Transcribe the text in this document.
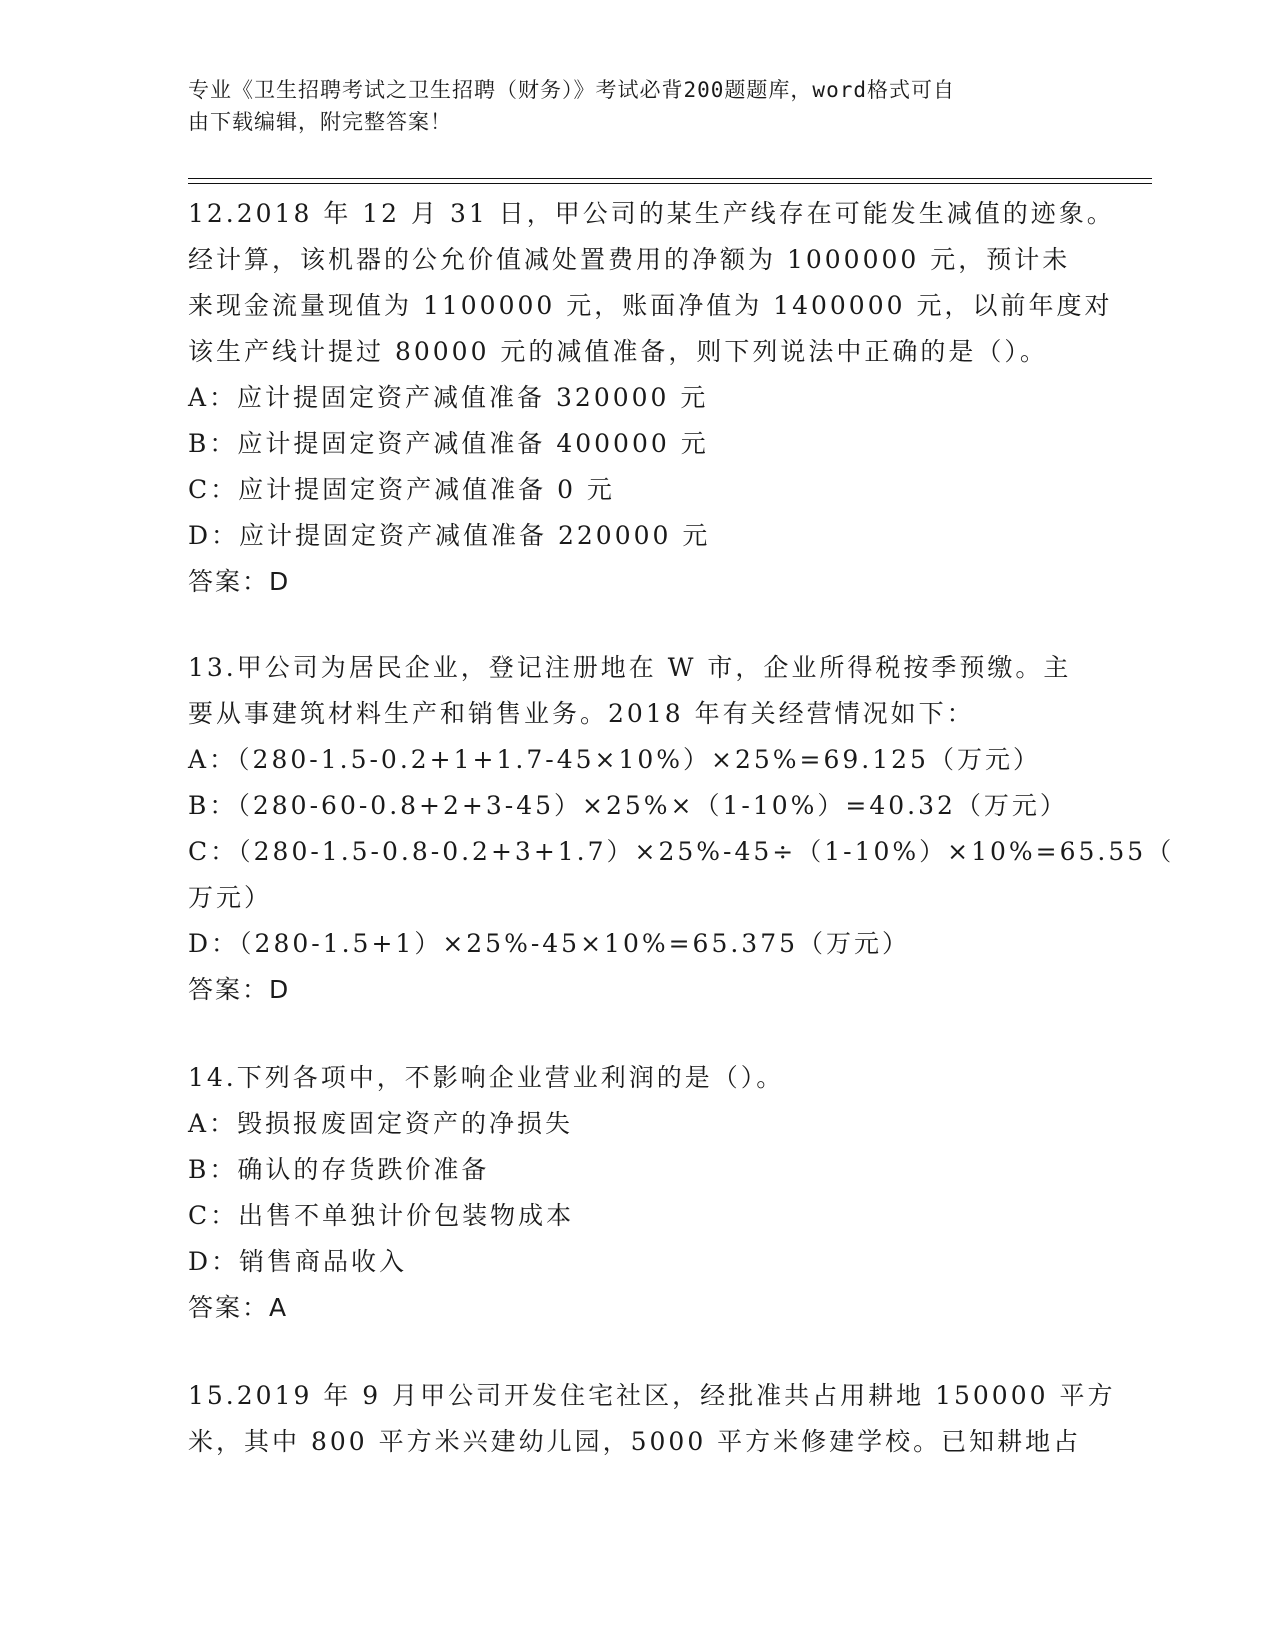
专业《卫生招聘考试之卫生招聘（财务）》考试必背200题题库，word格式可自
由下载编辑，附完整答案！
12.2018 年 12 月 31 日，甲公司的某生产线存在可能发生减值的迹象。
经计算，该机器的公允价值减处置费用的净额为 1000000 元，预计未
来现金流量现值为 1100000 元，账面净值为 1400000 元，以前年度对
该生产线计提过 80000 元的减值准备，则下列说法中正确的是（）。
A：应计提固定资产减值准备 320000 元
B：应计提固定资产减值准备 400000 元
C：应计提固定资产减值准备 0 元
D：应计提固定资产减值准备 220000 元
答案：D
13.甲公司为居民企业，登记注册地在 W 市，企业所得税按季预缴。主
要从事建筑材料生产和销售业务。2018 年有关经营情况如下：
A：（280-1.5-0.2+1+1.7-45×10%）×25%=69.125（万元）
B：（280-60-0.8+2+3-45）×25%×（1-10%）=40.32（万元）
C：（280-1.5-0.8-0.2+3+1.7）×25%-45÷（1-10%）×10%=65.55（
万元）
D：（280-1.5+1）×25%-45×10%=65.375（万元）
答案：D
14.下列各项中，不影响企业营业利润的是（）。
A：毁损报废固定资产的净损失
B：确认的存货跌价准备
C：出售不单独计价包装物成本
D：销售商品收入
答案：A
15.2019 年 9 月甲公司开发住宅社区，经批准共占用耕地 150000 平方
米，其中 800 平方米兴建幼儿园，5000 平方米修建学校。已知耕地占
